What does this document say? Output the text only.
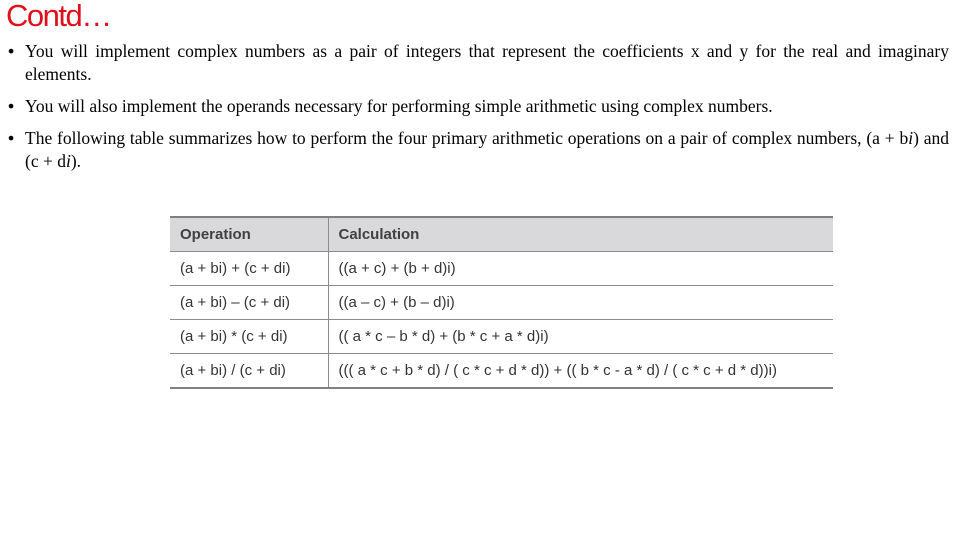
Contd…
• You will implement complex numbers as a pair of integers that represent the coefficients x and y for the real and imaginary elements.
• You will also implement the operands necessary for performing simple arithmetic using complex numbers.
• The following table summarizes how to perform the four primary arithmetic operations on a pair of complex numbers, (a + bi) and (c + di).
Operation	Calculation
(a + bi) + (c + di)	((a + c) + (b + d)i)
(a + bi) – (c + di)	((a – c) + (b – d)i)
(a + bi) * (c + di)	(( a * c – b * d) + (b * c + a * d)i)
(a + bi) / (c + di)	((( a * c + b * d) / ( c * c + d * d)) + (( b * c - a * d) / ( c * c + d * d))i)
